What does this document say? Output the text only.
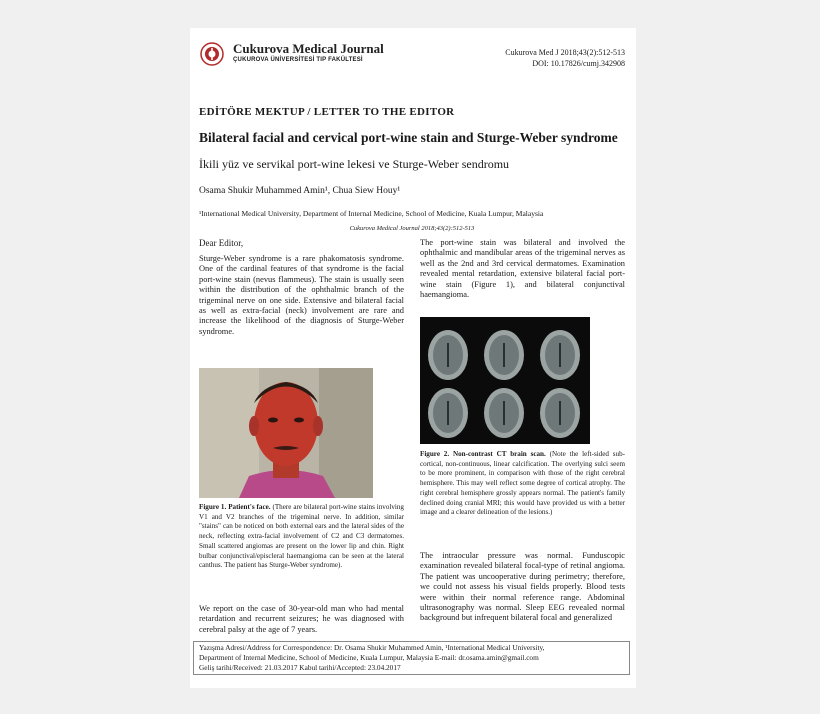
Cukurova Medical Journal
ÇUKUROVA ÜNİVERSİTESİ TIP FAKÜLTESİ
Cukurova Med J 2018;43(2):512-513
DOI: 10.17826/cumj.342908
EDİTÖRE MEKTUP / LETTER TO THE EDITOR
Bilateral facial and cervical port-wine stain and Sturge-Weber syndrome
İkili yüz ve servikal port-wine lekesi ve Sturge-Weber sendromu
Osama Shukir Muhammed Amin¹, Chua Siew Houy¹
¹International Medical University, Department of Internal Medicine, School of Medicine, Kuala Lumpur, Malaysia
Cukurova Medical Journal 2018;43(2):512-513
Dear Editor,
Sturge-Weber syndrome is a rare phakomatosis syndrome. One of the cardinal features of that syndrome is the facial port-wine stain (nevus flammeus). The stain is usually seen within the distribution of the ophthalmic branch of the trigeminal nerve on one side. Extensive and bilateral facial as well as extra-facial (neck) involvement are rare and increase the likelihood of the diagnosis of Sturge-Weber syndrome.
Figure 1. Patient's face. (There are bilateral port-wine stains involving V1 and V2 branches of the trigeminal nerve. In addition, similar "stains" can be noticed on both external ears and the lateral sides of the neck, reflecting extra-facial involvement of C2 and C3 dermatomes. Small scattered angiomas are present on the lower lip and chin. Right bulbar conjunctival/episcleral haemangioma can be seen at the lateral canthus. The patient has Sturge-Weber syndrome).
We report on the case of 30-year-old man who had mental retardation and recurrent seizures; he was diagnosed with cerebral palsy at the age of 7 years.
The port-wine stain was bilateral and involved the ophthalmic and mandibular areas of the trigeminal nerves as well as the 2nd and 3rd cervical dermatomes. Examination revealed mental retardation, extensive bilateral facial port-wine stain (Figure 1), and bilateral conjunctival haemangioma.
Figure 2. Non-contrast CT brain scan. (Note the left-sided sub-cortical, non-continuous, linear calcification. The overlying sulci seem to be more prominent, in comparison with those of the right cerebral hemisphere. This may well reflect some degree of cortical atrophy. The right cerebral hemisphere grossly appears normal. The patient's family declined doing cranial MRI; this would have provided us with a better image and a clearer delineation of the lesions.)
The intraocular pressure was normal. Funduscopic examination revealed bilateral focal-type of retinal angioma. The patient was uncooperative during perimetry; therefore, we could not assess his visual fields properly. Blood tests were within their normal reference range. Abdominal ultrasonography was normal. Sleep EEG revealed normal background but infrequent bilateral focal and generalized
Yazışma Adresi/Address for Correspondence: Dr. Osama Shukir Muhammed Amin, ¹International Medical University,
Department of Internal Medicine, School of Medicine, Kuala Lumpur, Malaysia E-mail: dr.osama.amin@gmail.com
Geliş tarihi/Received: 21.03.2017 Kabul tarihi/Accepted: 23.04.2017
